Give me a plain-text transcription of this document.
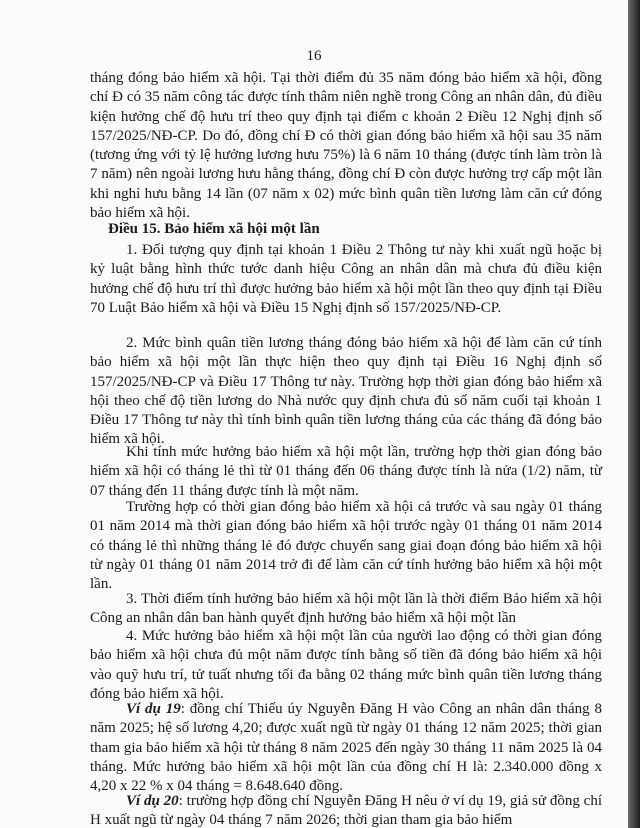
16

tháng đóng bảo hiểm xã hội. Tại thời điểm đủ 35 năm đóng bảo hiểm xã hội, đồng chí Đ có 35 năm công tác được tính thâm niên nghề trong Công an nhân dân, đủ điều kiện hưởng chế độ hưu trí theo quy định tại điểm c khoản 2 Điều 12 Nghị định số 157/2025/NĐ-CP. Do đó, đồng chí Đ có thời gian đóng bảo hiểm xã hội sau 35 năm (tương ứng với tỷ lệ hưởng lương hưu 75%) là 6 năm 10 tháng (được tính làm tròn là 7 năm) nên ngoài lương hưu hằng tháng, đồng chí Đ còn được hưởng trợ cấp một lần khi nghỉ hưu bằng 14 lần (07 năm x 02) mức bình quân tiền lương làm căn cứ đóng bảo hiểm xã hội.

Điều 15. Bảo hiểm xã hội một lần

1. Đối tượng quy định tại khoản 1 Điều 2 Thông tư này khi xuất ngũ hoặc bị kỷ luật bằng hình thức tước danh hiệu Công an nhân dân mà chưa đủ điều kiện hưởng chế độ hưu trí thì được hưởng bảo hiểm xã hội một lần theo quy định tại Điều 70 Luật Bảo hiểm xã hội và Điều 15 Nghị định số 157/2025/NĐ-CP.

2. Mức bình quân tiền lương tháng đóng bảo hiểm xã hội để làm căn cứ tính bảo hiểm xã hội một lần thực hiện theo quy định tại Điều 16 Nghị định số 157/2025/NĐ-CP và Điều 17 Thông tư này. Trường hợp thời gian đóng bảo hiểm xã hội theo chế độ tiền lương do Nhà nước quy định chưa đủ số năm cuối tại khoản 1 Điều 17 Thông tư này thì tính bình quân tiền lương tháng của các tháng đã đóng bảo hiểm xã hội.

Khi tính mức hưởng bảo hiểm xã hội một lần, trường hợp thời gian đóng bảo hiểm xã hội có tháng lẻ thì từ 01 tháng đến 06 tháng được tính là nửa (1/2) năm, từ 07 tháng đến 11 tháng được tính là một năm.

Trường hợp có thời gian đóng bảo hiểm xã hội cả trước và sau ngày 01 tháng 01 năm 2014 mà thời gian đóng bảo hiểm xã hội trước ngày 01 tháng 01 năm 2014 có tháng lẻ thì những tháng lẻ đó được chuyển sang giai đoạn đóng bảo hiểm xã hội từ ngày 01 tháng 01 năm 2014 trở đi để làm căn cứ tính hưởng bảo hiểm xã hội một lần.

3. Thời điểm tính hưởng bảo hiểm xã hội một lần là thời điểm Bảo hiểm xã hội Công an nhân dân ban hành quyết định hưởng bảo hiểm xã hội một lần

4. Mức hưởng bảo hiểm xã hội một lần của người lao động có thời gian đóng bảo hiểm xã hội chưa đủ một năm được tính bằng số tiền đã đóng bảo hiểm xã hội vào quỹ hưu trí, tử tuất nhưng tối đa bằng 02 tháng mức bình quân tiền lương tháng đóng bảo hiểm xã hội.

Ví dụ 19: đồng chí Thiếu úy Nguyễn Đăng H vào Công an nhân dân tháng 8 năm 2025; hệ số lương 4,20; được xuất ngũ từ ngày 01 tháng 12 năm 2025; thời gian tham gia bảo hiểm xã hội từ tháng 8 năm 2025 đến ngày 30 tháng 11 năm 2025 là 04 tháng. Mức hưởng bảo hiểm xã hội một lần của đồng chí H là: 2.340.000 đồng x 4,20 x 22 % x 04 tháng = 8.648.640 đồng.

Ví dụ 20: trường hợp đồng chí Nguyễn Đăng H nêu ở ví dụ 19, giả sử đồng chí H xuất ngũ từ ngày 04 tháng 7 năm 2026; thời gian tham gia bảo hiểm
